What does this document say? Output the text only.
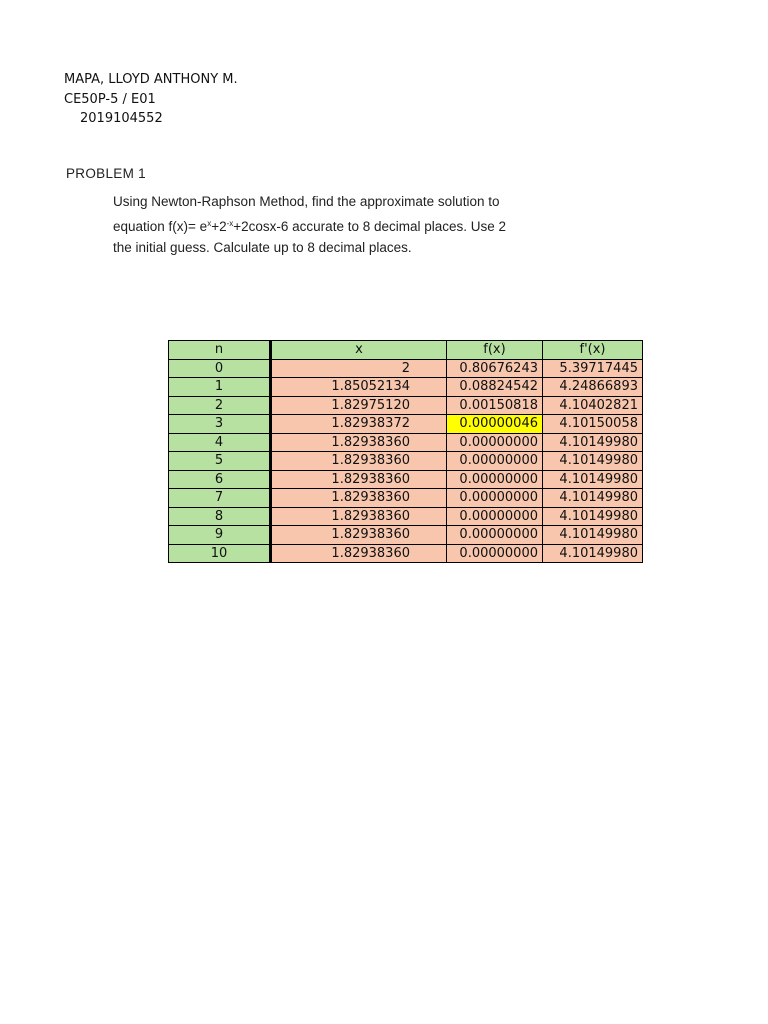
MAPA, LLOYD ANTHONY M.
CE50P-5 / E01
2019104552
PROBLEM 1
Using Newton-Raphson Method, find the approximate solution to
equation $f(x)= e^x+2^{-x}+2\cos x-6$ accurate to 8 decimal places. Use 2
the initial guess. Calculate up to 8 decimal places.
n	x	f(x)	f'(x)
0	2	0.80676243	5.39717445
1	1.85052134	0.08824542	4.24866893
2	1.82975120	0.00150818	4.10402821
3	1.82938372	0.00000046	4.10150058
4	1.82938360	0.00000000	4.10149980
5	1.82938360	0.00000000	4.10149980
6	1.82938360	0.00000000	4.10149980
7	1.82938360	0.00000000	4.10149980
8	1.82938360	0.00000000	4.10149980
9	1.82938360	0.00000000	4.10149980
10	1.82938360	0.00000000	4.10149980
